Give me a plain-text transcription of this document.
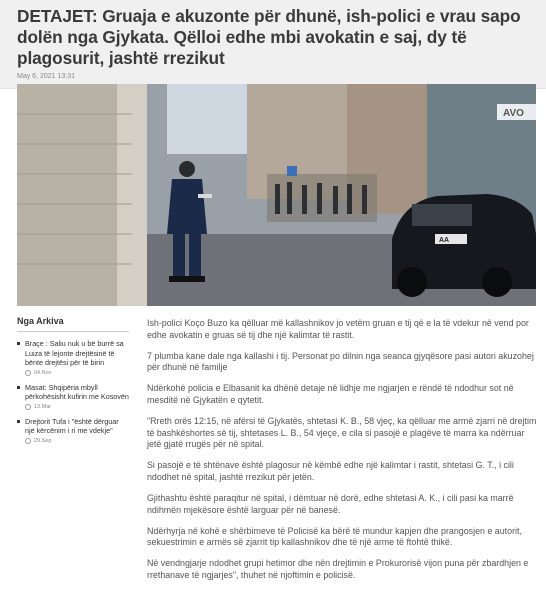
DETAJET: Gruaja e akuzonte për dhunë, ish-polici e vrau sapo dolën nga Gjykata. Qëlloi edhe mbi avokatin e saj, dy të plagosurit, jashtë rrezikut
May 6, 2021 13:31
AVO
AA
Nga Arkiva
Braçe : Saliu nuk u bë burrë sa Luiza të lejonte drejtësinë të bënte drejtësi për të birin
04.Nov
Masat: Shqipëria mbyll përkohësisht kufirin me Kosovën
13.Mar
Drejtorit Tufa i "është dërguar një kërcënim i ri me vdekje"
29.Sep

Ish-polici Koço Buzo ka qëlluar më kallashnikov jo vetëm gruan e tij që e la të vdekur në vend por edhe avokatin e gruas së tij dhe një kalimtar të rastit.

7 plumba kane dale nga kallashi i tij. Personat po dilnin nga seanca gjyqësore pasi autori akuzohej për dhunë në familje

Ndërkohë policia e Elbasanit ka dhënë detaje në lidhje me ngjarjen e rëndë të ndodhur sot në mesditë në Gjykatën e qytetit.

"Rreth orës 12:15, në afërsi të Gjykatës, shtetasi K. B., 58 vjeç, ka qëlluar me armë zjarri në drejtim të bashkëshortes së tij, shtetases L. B., 54 vjeçe, e cila si pasojë e plagëve të marra ka ndërruar jetë gjatë rrugës për në spital.

Si pasojë e të shtënave është plagosur në këmbë edhe një kalimtar i rastit, shtetasi G. T., i cili ndodhet në spital, jashtë rrezikut për jetën.

Gjithashtu është paraqitur në spital, i dëmtuar në dorë, edhe shtetasi A. K., i cili pasi ka marrë ndihmën mjekësore është larguar për në banesë.

Ndërhyrja në kohë e shërbimeve të Policisë ka bërë të mundur kapjen dhe prangosjen e autorit, sekuestrimin e armës së zjarrit tip kallashnikov dhe të një arme të ftohtë thikë.

Në vendngjarje ndodhet grupi hetimor dhe nën drejtimin e Prokurorisë vijon puna për zbardhjen e rrethanave të ngjarjes", thuhet në njoftimin e policisë.
